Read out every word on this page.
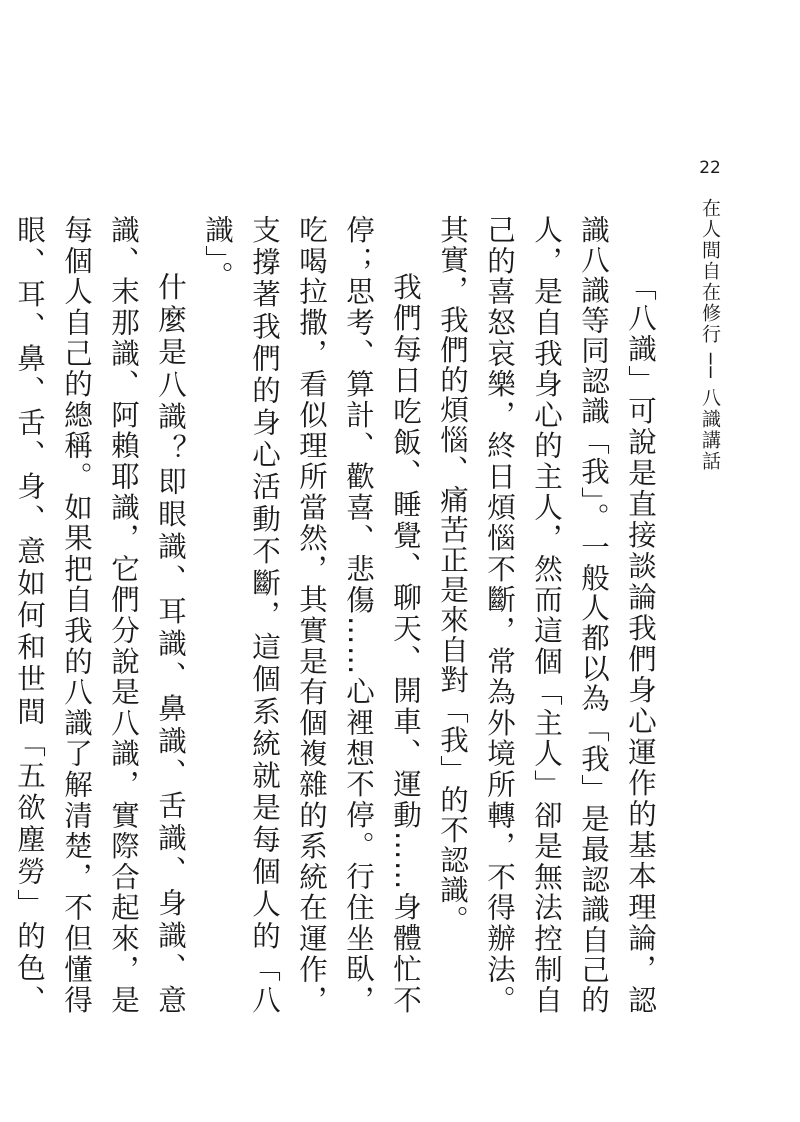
22在人間自在修行 ── 八識講話

「八識」可說是直接談論我們身心運作的基本理論，認識八識等同認識「我」。一般人都以為「我」是最認識自己的人，是自我身心的主人，然而這個「主人」卻是無法控制自己的喜怒哀樂，終日煩惱不斷，常為外境所轉，不得辦法。其實，我們的煩惱、痛苦正是來自對「我」的不認識。

我們每日吃飯、睡覺、聊天、開車、運動……身體忙不停；思考、算計、歡喜、悲傷……心裡想不停。行住坐臥，吃喝拉撒，看似理所當然，其實是有個複雜的系統在運作，支撐著我們的身心活動不斷，這個系統就是每個人的「八識」。

什麼是八識？即眼識、耳識、鼻識、舌識、身識、意識、末那識、阿賴耶識，它們分說是八識，實際合起來，是每個人自己的總稱。如果把自我的八識了解清楚，不但懂得眼、耳、鼻、舌、身、意如何和世間「五欲塵勞」的色、
